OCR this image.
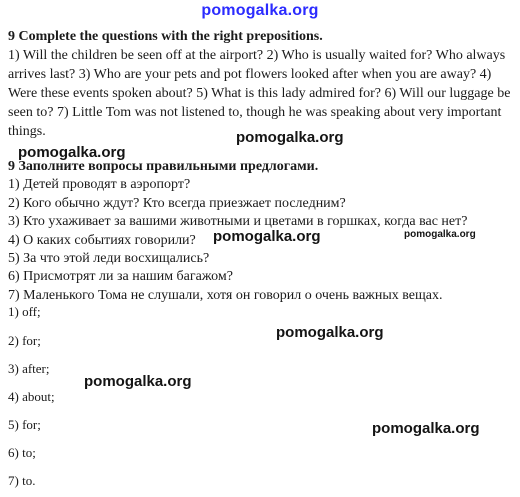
pomogalka.org
9 Complete the questions with the right prepositions.
1) Will the children be seen off at the airport? 2) Who is usually waited for? Who always arrives last? 3) Who are your pets and pot flowers looked after when you are away? 4) Were these events spoken about? 5) What is this lady admired for? 6) Will our luggage be seen to? 7) Little Tom was not listened to, though he was speaking about very important things.
9 Заполните вопросы правильными предлогами.
1) Детей проводят в аэропорт?
2) Кого обычно ждут? Кто всегда приезжает последним?
3) Кто ухаживает за вашими животными и цветами в горшках, когда вас нет?
4) О каких событиях говорили?
5) За что этой леди восхищались?
6) Присмотрят ли за нашим багажом?
7) Маленького Тома не слушали, хотя он говорил о очень важных вещах.
1) off;
2) for;
3) after;
4) about;
5) for;
6) to;
7) to.
pomogalka.org
pomogalka.org
pomogalka.org	pomogalka.org
pomogalka.org
pomogalka.org
pomogalka.org
